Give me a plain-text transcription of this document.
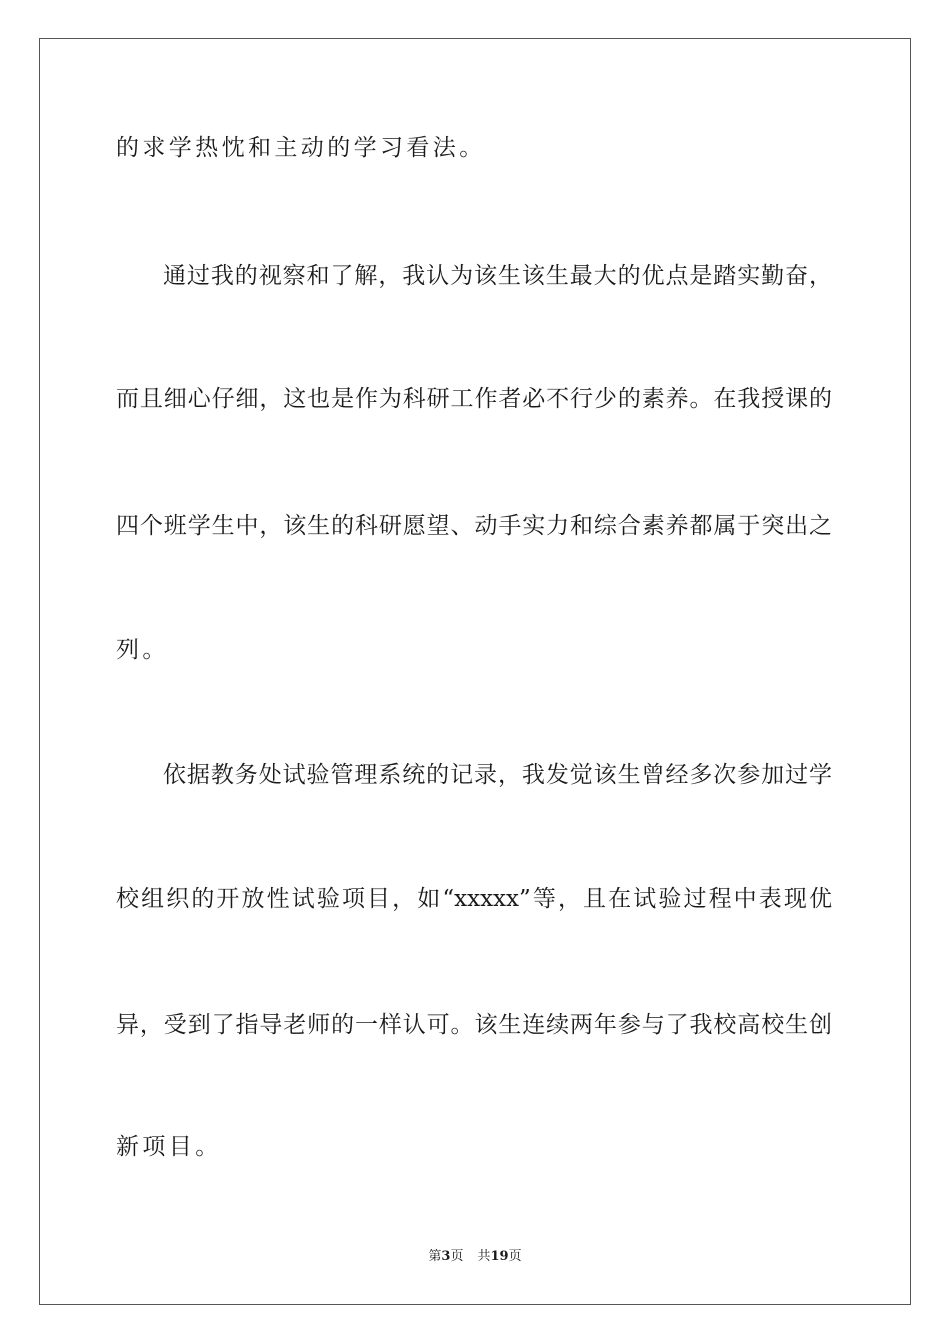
的求学热忱和主动的学习看法。
通过我的视察和了解，我认为该生该生最大的优点是踏实勤奋，
而且细心仔细，这也是作为科研工作者必不行少的素养。在我授课的
四个班学生中，该生的科研愿望、动手实力和综合素养都属于突出之
列。
依据教务处试验管理系统的记录，我发觉该生曾经多次参加过学
校组织的开放性试验项目，如“xxxxx”等，且在试验过程中表现优
异，受到了指导老师的一样认可。该生连续两年参与了我校高校生创
新项目。
第3页 共19页
